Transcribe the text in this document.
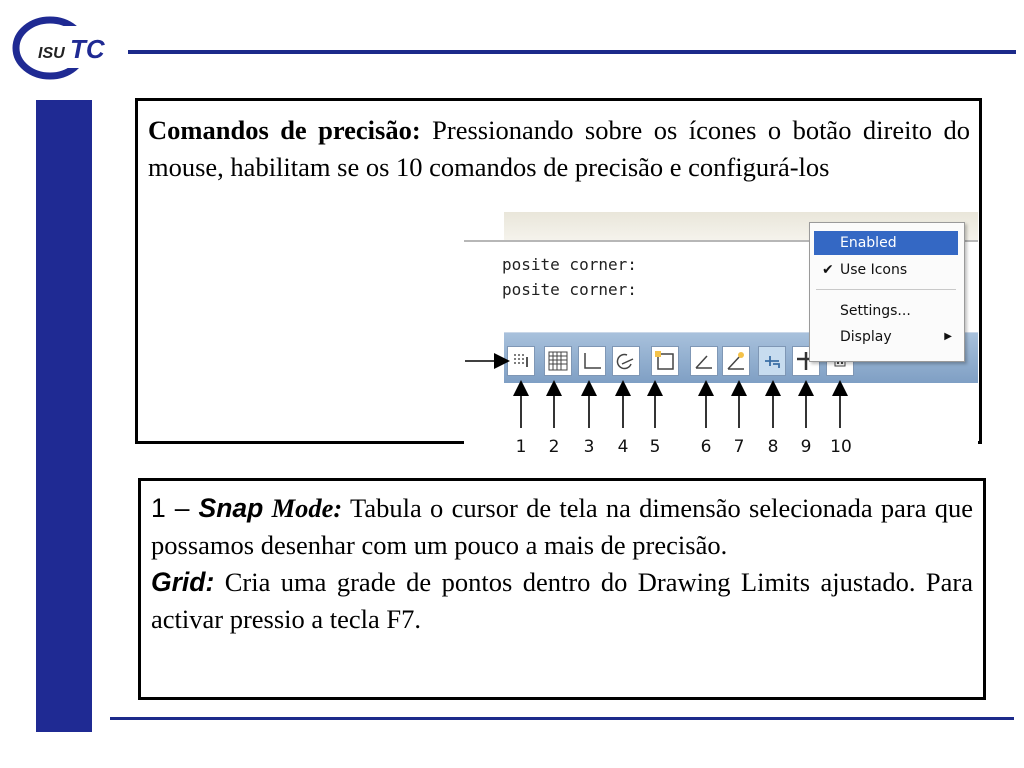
ISU TC
Comandos de precisão: Pressionando sobre os ícones o botão direito do mouse, habilitam se os 10 comandos de precisão e configurá-los
posite corner:
posite corner:
Enabled
✔ Use Icons
Settings...
Display	▶
1 2 3 4 5 6 7 8 9 10
1 – Snap Mode: Tabula o cursor de tela na dimensão selecionada para que possamos desenhar com um pouco a mais de precisão.
Grid: Cria uma grade de pontos dentro do Drawing Limits ajustado. Para activar pressio a tecla F7.
